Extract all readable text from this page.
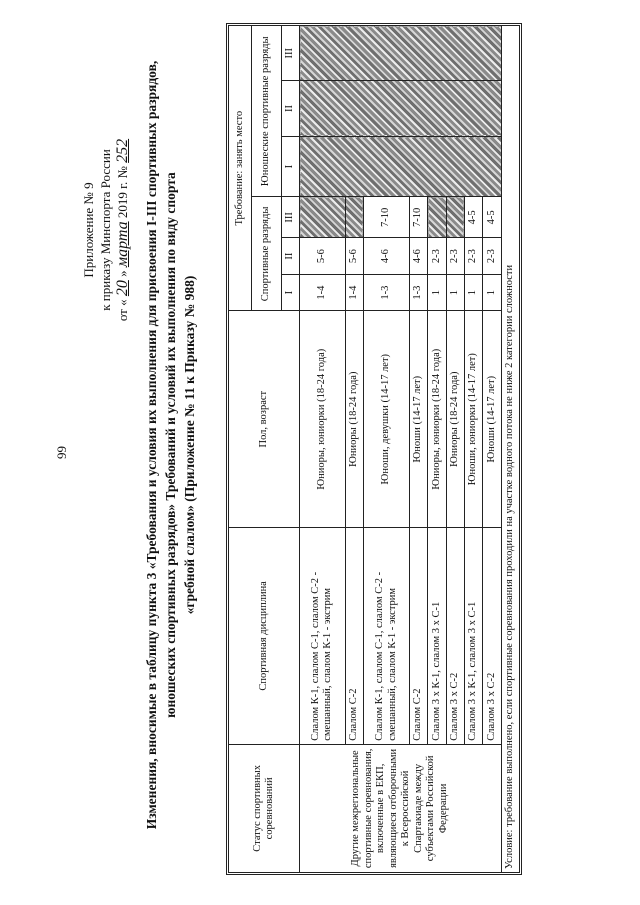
99
Приложение № 9 к приказу Минспорта России от « 20 » марта 2019 г. № 252 Изменения, вносимые в таблицу пункта 3 «Требования и условия их выполнения для присвоения I-III спортивных разрядов, юношеских спортивных разрядов» Требований и условий их выполнения по виду спорта «гребной слалом» (Приложение № 11 к Приказу № 988)
Статус спортивных соревнований	Спортивная дисциплина	Пол, возраст	Требование: занять место					
			Спортивные разряды			Юношеские спортивные разряды		
			I	II	III	I	II	III
Другие межрегиональные спортивные соревнования, включенные в ЕКП, являющиеся отборочными к Всероссийской Спартакиаде между субъектами Российской Федерации	Слалом К-1, слалом С-1, слалом С-2 - смешанный, слалом К-1 - экстрим	Юниоры, юниорки (18-24 года)	1-4	5-6				
	Слалом С-2	Юниоры (18-24 года)	1-4	5-6				
	Слалом К-1, слалом С-1, слалом С-2 - смешанный, слалом К-1 - экстрим	Юноши, девушки (14-17 лет)	1-3	4-6	7-10			
	Слалом С-2	Юноши (14-17 лет)	1-3	4-6	7-10			
	Слалом 3 х К-1, слалом 3 х С-1	Юниоры, юниорки (18-24 года)	1	2-3				
	Слалом 3 х С-2	Юниоры (18-24 года)	1	2-3				
	Слалом 3 х К-1, слалом 3 х С-1	Юноши, юниорки (14-17 лет)	1	2-3	4-5			
	Слалом 3 х С-2	Юноши (14-17 лет)	1	2-3	4-5			
Условие: требование выполнено, если спортивные соревнования проходили на участке водного потока не ниже 2 категории сложности								
